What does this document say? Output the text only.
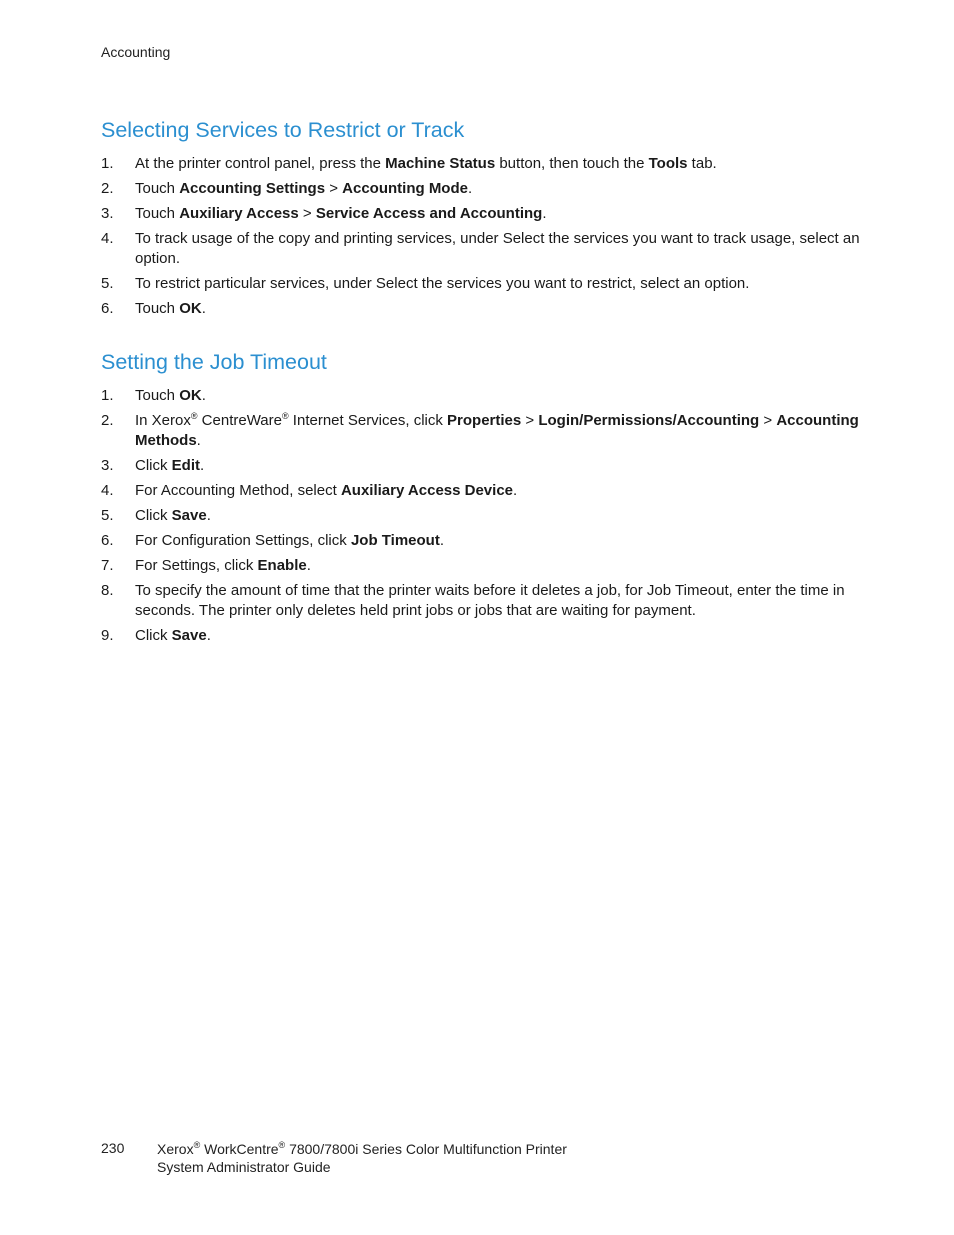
Accounting
Selecting Services to Restrict or Track
1. At the printer control panel, press the Machine Status button, then touch the Tools tab.
2. Touch Accounting Settings > Accounting Mode.
3. Touch Auxiliary Access > Service Access and Accounting.
4. To track usage of the copy and printing services, under Select the services you want to track usage, select an option.
5. To restrict particular services, under Select the services you want to restrict, select an option.
6. Touch OK.
Setting the Job Timeout
1. Touch OK.
2. In Xerox® CentreWare® Internet Services, click Properties > Login/Permissions/Accounting > Accounting Methods.
3. Click Edit.
4. For Accounting Method, select Auxiliary Access Device.
5. Click Save.
6. For Configuration Settings, click Job Timeout.
7. For Settings, click Enable.
8. To specify the amount of time that the printer waits before it deletes a job, for Job Timeout, enter the time in seconds. The printer only deletes held print jobs or jobs that are waiting for payment.
9. Click Save.
230 Xerox® WorkCentre® 7800/7800i Series Color Multifunction Printer
System Administrator Guide
